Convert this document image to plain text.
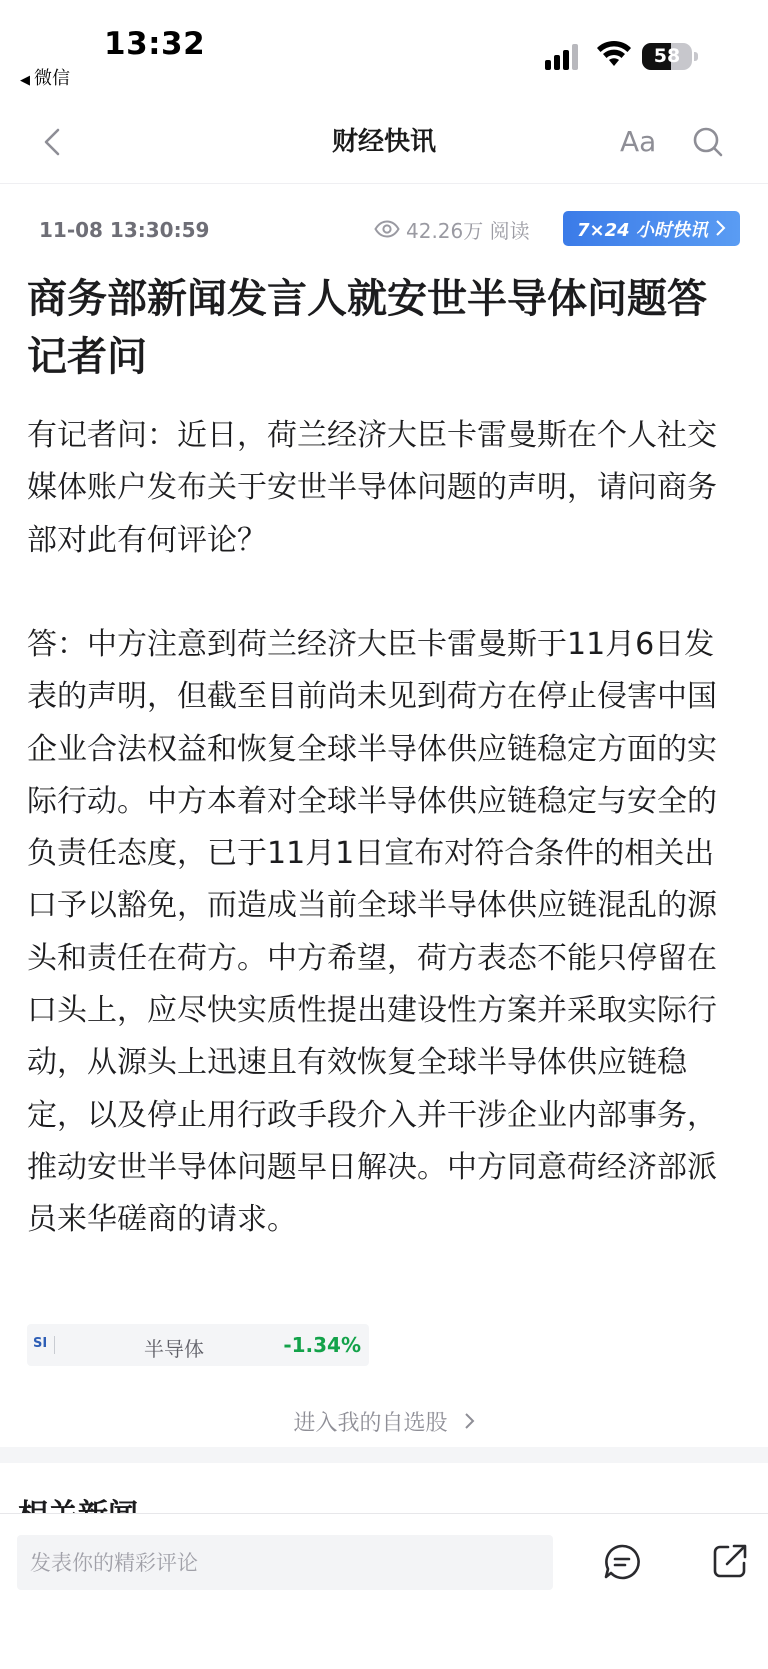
13:32
◀ 微信
58
财经快讯	Aa
11-08 13:30:59	42.26万 阅读	7×24 小时快讯
商务部新闻发言人就安世半导体问题答记者问

有记者问：近日，荷兰经济大臣卡雷曼斯在个人社交媒体账户发布关于安世半导体问题的声明，请问商务部对此有何评论？

答：中方注意到荷兰经济大臣卡雷曼斯于11月6日发表的声明，但截至目前尚未见到荷方在停止侵害中国企业合法权益和恢复全球半导体供应链稳定方面的实际行动。中方本着对全球半导体供应链稳定与安全的负责任态度，已于11月1日宣布对符合条件的相关出口予以豁免，而造成当前全球半导体供应链混乱的源头和责任在荷方。中方希望，荷方表态不能只停留在口头上，应尽快实质性提出建设性方案并采取实际行动，从源头上迅速且有效恢复全球半导体供应链稳定，以及停止用行政手段介入并干涉企业内部事务，推动安世半导体问题早日解决。中方同意荷经济部派员来华磋商的请求。

SI	半导体	-1.34%
进入我的自选股
发表你的精彩评论
